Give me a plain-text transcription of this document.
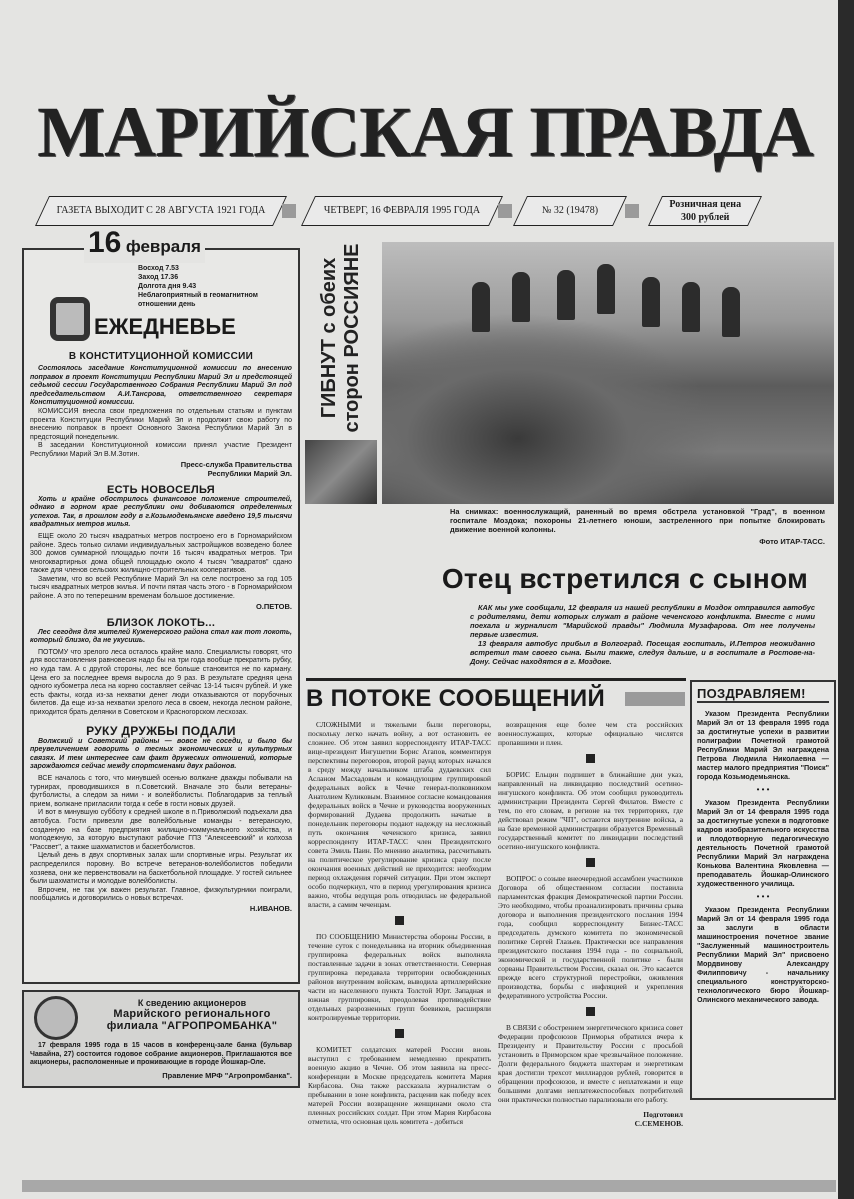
МАРИЙСКАЯ ПРАВДА
ГАЗЕТА ВЫХОДИТ С 28 АВГУСТА 1921 ГОДА	ЧЕТВЕРГ, 16 ФЕВРАЛЯ 1995 ГОДА	№ 32 (19478)
Розничная цена
300 рублей
16 февраля
Восход 7.53
Заход 17.36
Долгота дня 9.43
Неблагоприятный в геомагнитном отношении день
ЕЖЕДНЕВЬЕ
В КОНСТИТУЦИОННОЙ КОМИССИИ
Состоялось заседание Конституционной комиссии по внесению поправок в проект Конституции Республики Марий Эл и предстоящей седьмой сессии Государственного Собрания Республики Марий Эл под председательством А.И.Тансрова, ответственного секретаря Конституционной комиссии.
КОМИССИЯ внесла свои предложения по отдельным статьям и пунктам проекта Конституции Республики Марий Эл и продолжит свою работу по внесению поправок в проект Основного Закона Республики Марий Эл в предстоящий понедельник.
В заседании Конституционной комиссии принял участие Президент Республики Марий Эл В.М.Зотин.
Пресс-служба Правительства Республики Марий Эл.
ЕСТЬ НОВОСЕЛЬЯ
Хоть и крайне обострилось финансовое положение строителей, однако в горном крае республики они добиваются определенных успехов. Так, в прошлом году в г.Козьмодемьянске введено 19,5 тысячи квадратных метров жилья.
ЕЩЕ около 20 тысяч квадратных метров построено его в Горномарийском районе. Здесь только силами индивидуальных застройщиков возведено более 300 домов суммарной площадью почти 16 тысяч квадратных метров. Три многоквартирных дома общей площадью около 4 тысяч "квадратов" сдано также для членов сельских жилищно-строительных кооперативов.
Заметим, что во всей Республике Марий Эл на селе построено за год 105 тысяч квадратных метров жилья. И почти пятая часть этого - в Горномарийском районе. А это по теперешним временам большое достижение.
О.ПЕТОВ.
БЛИЗОК ЛОКОТЬ...
Лес сегодня для жителей Куженерского района стал как тот локоть, который близко, да не укусишь.
ПОТОМУ что зрелого леса осталось крайне мало. Специалисты говорят, что для восстановления равновесия надо бы на три года вообще прекратить рубку, но куда там. А с другой стороны, лес все больше становится не по карману. Цена его за последнее время выросла до 9 раз. В результате средняя цена одного кубометра леса на корню составляет сейчас 13-14 тысяч рублей. И уже есть факты, когда из-за нехватки денег люди отказываются от порубочных билетов. Да еще из-за нехватки зрелого леса в своем, некогда лесном районе, приходится брать делянки в Советском и Красногорском лесхозах.
РУКУ ДРУЖБЫ ПОДАЛИ
Волжский и Советский районы — вовсе не соседи, и было бы преувеличением говорить о тесных экономических и культурных связях. И тем интереснее сам факт дружеских отношений, которые зарождаются сейчас между спортсменами двух районов.
ВСЕ началось с того, что минувшей осенью волжане дважды побывали на турнирах, проводившихся в п.Советский. Вначале это были ветераны-футболисты, а следом за ними - и волейболисты. Поблагодарив за теплый прием, волжане пригласили тогда к себе в гости новых друзей.
И вот в минувшую субботу к средней школе в п.Приволжский подъехали два автобуса. Гости привезли две волейбольные команды - ветеранскую, созданную на базе предприятия жилищно-коммунального хозяйства, и молодежную, за которую выступают рабочие ГПЗ "Алексеевский" и колхоза "Рассвет", а также шахматистов и баскетболистов.
Целый день в двух спортивных залах шли спортивные игры. Результат их распределился поровну. Во встрече ветеранов-волейболистов победили хозяева, они же первенствовали на баскетбольной площадке. У гостей сильнее были шахматисты и молодые волейболисты.
Впрочем, не так уж важен результат. Главное, физкультурники поиграли, пообщались и договорились о новых встречах.
Н.ИВАНОВ.
К сведению акционеров
Марийского регионального
филиала "АГРОПРОМБАНКА"
17 февраля 1995 года в 15 часов в конференц-зале банка (бульвар Чавайна, 27) состоится годовое собрание акционеров. Приглашаются все акционеры, расположенные и проживающие в городе Йошкар-Оле.
Правление МРФ "Агропромбанка".
ГИБНУТ с обеих сторон РОССИЯНЕ
На снимках: военнослужащий, раненный во время обстрела установкой "Град", в военном госпитале Моздока; похороны 21-летнего юноши, застреленного при попытке блокировать движение военной колонны.
Фото ИТАР-ТАСС.
Отец встретился с сыном
КАК мы уже сообщали, 12 февраля из нашей республики в Моздок отправился автобус с родителями, дети которых служат в районе чеченского конфликта. Вместе с ними поехала и журналист "Марийской правды" Людмила Музафарова. От нее получены первые известия.
13 февраля автобус прибыл в Волгоград. Посещая госпиталь, И.Петров неожиданно встретил там своего сына. Были также, следуя дальше, и в госпитале в Ростове-на-Дону. Сейчас находятся в г. Моздоке.
В ПОТОКЕ СООБЩЕНИЙ
СЛОЖНЫМИ и тяжелыми были переговоры, поскольку легко начать войну, а вот остановить ее сложнее. Об этом заявил корреспонденту ИТАР-ТАСС вице-президент Ингушетии Борис Агапов, комментируя перспективы переговоров, второй раунд которых начался в среду между начальником штаба дудаевских сил Асланом Масхадовым и командующим группировкой федеральных войск в Чечне генерал-полковником Анатолием Куликовым. Взаимное согласие командования федеральных войск в Чечне и руководства вооруженных формирований Дудаева продолжить начатые в понедельник переговоры подают надежду на несложный путь окончания чеченского кризиса, заявил корреспонденту ИТАР-ТАСС член Президентского совета Эмиль Паин. По мнению аналитика, рассчитывать на политическое урегулирование кризиса сразу после окончания военных действий не приходится: необходим период охлаждения горячей ситуации. При этом эксперт особо подчеркнул, что в период урегулирования кризиса важно, чтобы ведущая роль отводилась не федеральной власти, а самим чеченцам.
ПО СООБЩЕНИЮ Министерства обороны России, в течение суток с понедельника на вторник объединенная группировка федеральных войск выполняла поставленные задачи в зонах ответственности. Северная группировка передавала территории освобожденных районов внутренним войскам, выводила артиллерийские части из населенного пункта Толстой Юрт. Западная и южная группировки, преодолевая противодействие отдельных разрозненных групп боевиков, расширяли контролируемые территории.
КОМИТЕТ солдатских матерей России вновь выступил с требованием немедленно прекратить военную акцию в Чечне. Об этом заявила на пресс-конференции в Москве председатель комитета Мария Кирбасова. Она также рассказала журналистам о пребывании в зоне конфликта, расценив как победу всех матерей России возвращение женщинами около ста пленных российских солдат. При этом Мария Кирбасова отметила, что основная цель комитета - добиться
возвращения еще более чем ста российских военнослужащих, которые официально числятся пропавшими и плен.
БОРИС Ельцин подпишет в ближайшие дни указ, направленный на ликвидацию последствий осетино-ингушского конфликта. Об этом сообщил руководитель администрации Президента Сергей Филатов. Вместе с тем, по его словам, в регионе на тех территориях, где действовал режим "ЧП", остаются внутренние войска, а на базе временной администрации образуется Временный государственный комитет по ликвидации последствий осетино-ингушского конфликта.
ВОПРОС о созыве внеочередной ассамблеи участников Договора об общественном согласии поставила парламентская фракция Демократической партии России. Это необходимо, чтобы проанализировать причины срыва договора и выполнения президентского послания 1994 года, сообщил корреспонденту Бизнес-ТАСС председатель думского комитета по экономической политике Сергей Глазьев. Практически все направления президентского послания 1994 года - по социальной, экономической и государственной политике - были сорваны Правительством России, сказал он. Это касается прежде всего структурной перестройки, оживления производства, борьбы с инфляцией и укрепления федеративного устройства России.
В СВЯЗИ с обострением энергетического кризиса совет Федерации профсоюзов Приморья обратился вчера к Президенту и Правительству России с просьбой установить в Приморском крае чрезвычайное положение. Долги федерального бюджета шахтерам и энергетикам края достигли трехсот миллиардов рублей, говорится в обращении профсоюзов, и вместе с неплатежами и еще большими долгами неплатежеспособных потребителей они практически полностью парализовали его работу.
Подготовил
С.СЕМЕНОВ.
ПОЗДРАВЛЯЕМ!
Указом Президента Республики Марий Эл от 13 февраля 1995 года за достигнутые успехи в развитии полиграфии Почетной грамотой Республики Марий Эл награждена Петрова Людмила Николаевна — мастер малого предприятия "Поиск" города Козьмодемьянска.
• • •
Указом Президента Республики Марий Эл от 14 февраля 1995 года за достигнутые успехи в подготовке кадров изобразительного искусства и плодотворную педагогическую деятельность Почетной грамотой Республики Марий Эл награждена Конькова Валентина Яковлевна — преподаватель Йошкар-Олинского художественного училища.
• • •
Указом Президента Республики Марий Эл от 14 февраля 1995 года за заслуги в области машиностроения почетное звание "Заслуженный машиностроитель Республики Марий Эл" присвоено Мордвинову Александру Филипповичу - начальнику специального конструкторско-технологического бюро Йошкар-Олинского механического завода.
